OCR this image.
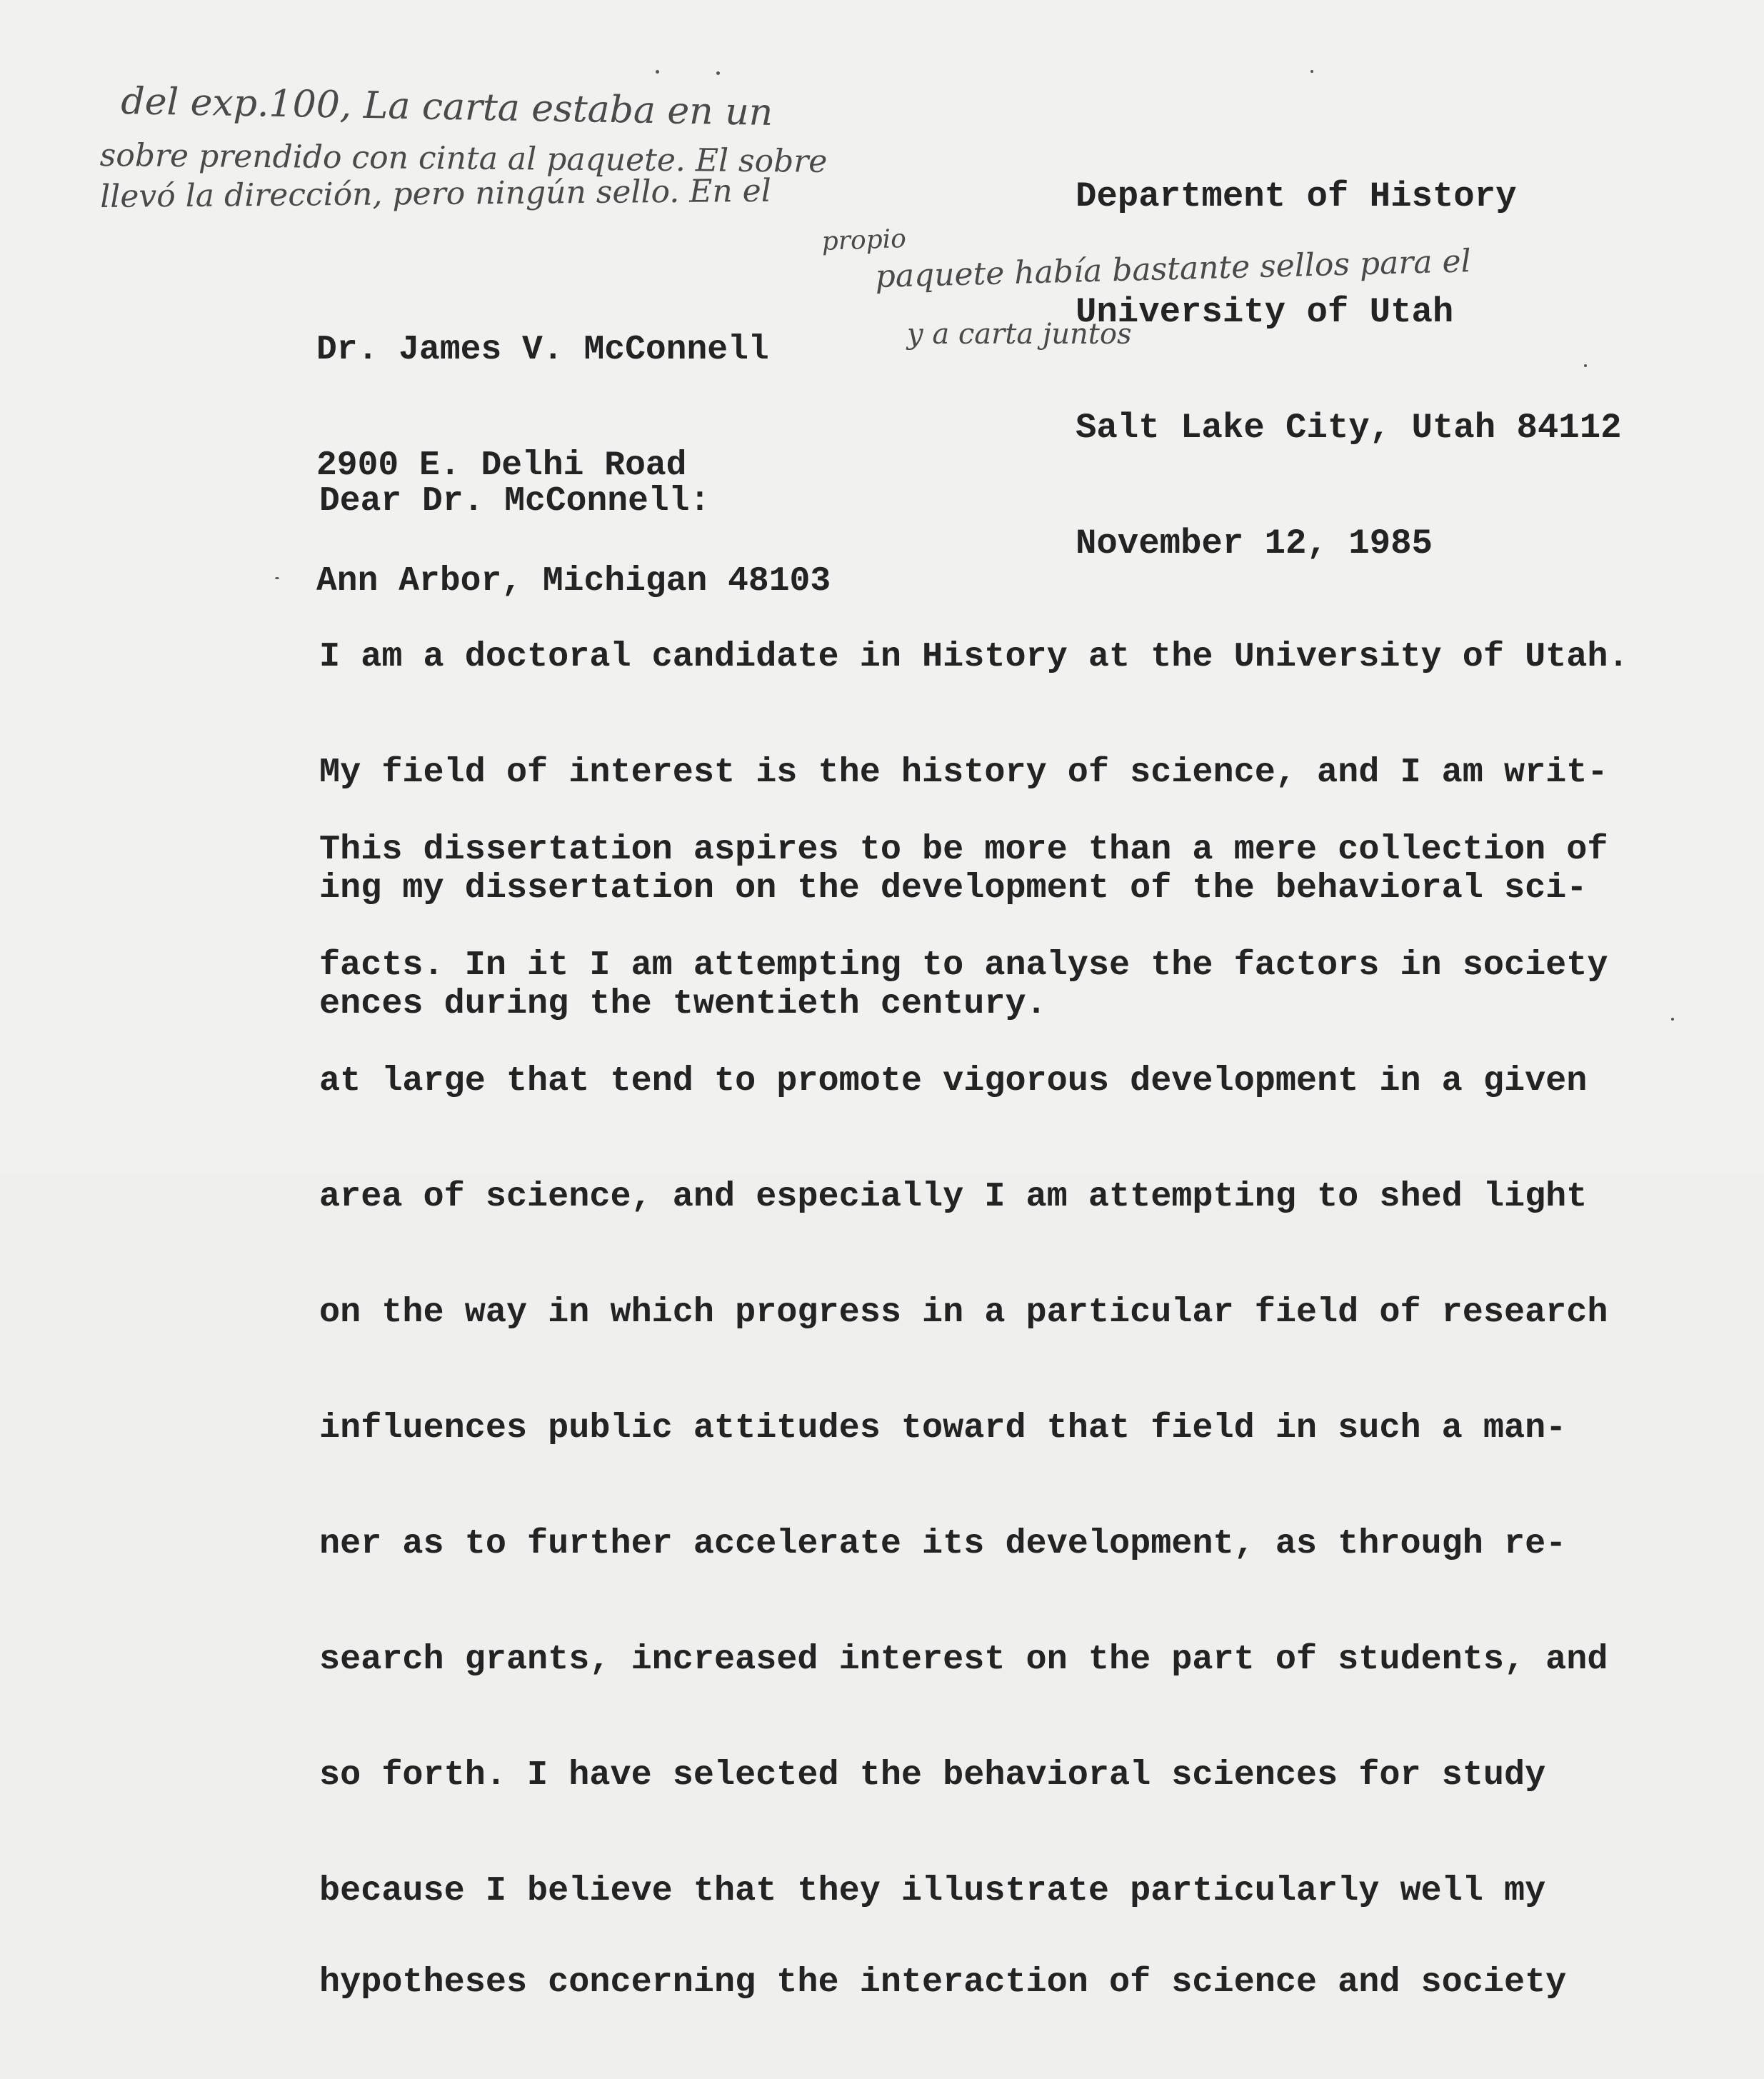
del exp.100, La carta estaba en un

sobre prendido con cinta al paquete. El sobre

llevó la dirección, pero ningún sello. En el

propio

paquete había bastante sellos para el

y a carta juntos

Department of History

University of Utah

Salt Lake City, Utah 84112

November 12, 1985

Dr. James V. McConnell

2900 E. Delhi Road

Ann Arbor, Michigan 48103

Dear Dr. McConnell:

I am a doctoral candidate in History at the University of Utah.

My field of interest is the history of science, and I am writ-

ing my dissertation on the development of the behavioral sci-

ences during the twentieth century.

This dissertation aspires to be more than a mere collection of

facts. In it I am attempting to analyse the factors in society

at large that tend to promote vigorous development in a given

area of science, and especially I am attempting to shed light

on the way in which progress in a particular field of research

influences public attitudes toward that field in such a man-

ner as to further accelerate its development, as through re-

search grants, increased interest on the part of students, and

so forth. I have selected the behavioral sciences for study

because I believe that they illustrate particularly well my

hypotheses concerning the interaction of science and society
